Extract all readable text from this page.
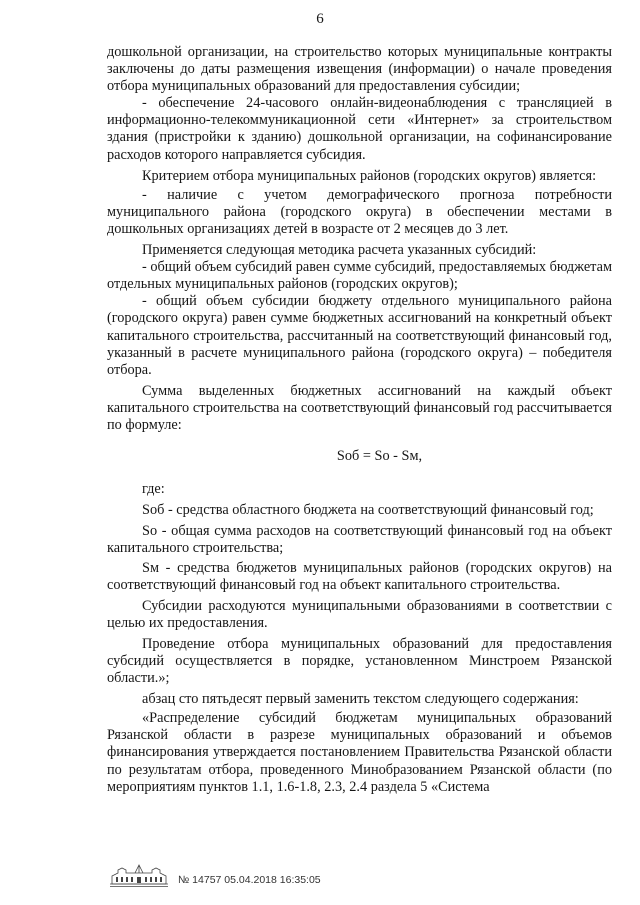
6

дошкольной организации, на строительство которых муниципальные контракты заключены до даты размещения извещения (информации) о начале проведения отбора муниципальных образований для предоставления субсидии;

- обеспечение 24-часового онлайн-видеонаблюдения с трансляцией в информационно-телекоммуникационной сети «Интернет» за строительством здания (пристройки к зданию) дошкольной организации, на софинансирование расходов которого направляется субсидия.

Критерием отбора муниципальных районов (городских округов) является:

- наличие с учетом демографического прогноза потребности муниципального района (городского округа) в обеспечении местами в дошкольных организациях детей в возрасте от 2 месяцев до 3 лет.

Применяется следующая методика расчета указанных субсидий:

- общий объем субсидий равен сумме субсидий, предоставляемых бюджетам отдельных муниципальных районов (городских округов);

- общий объем субсидии бюджету отдельного муниципального района (городского округа) равен сумме бюджетных ассигнований на конкретный объект капитального строительства, рассчитанный на соответствующий финансовый год, указанный в расчете муниципального района (городского округа) – победителя отбора.

Сумма выделенных бюджетных ассигнований на каждый объект капитального строительства на соответствующий финансовый год рассчитывается по формуле:

Sоб = Sо - Sм,

где:

Sоб - средства областного бюджета на соответствующий финансовый год;

Sо - общая сумма расходов на соответствующий финансовый год на объект капитального строительства;

Sм - средства бюджетов муниципальных районов (городских округов) на соответствующий финансовый год на объект капитального строительства.

Субсидии расходуются муниципальными образованиями в соответствии с целью их предоставления.

Проведение отбора муниципальных образований для предоставления субсидий осуществляется в порядке, установленном Минстроем Рязанской области.»;

абзац сто пятьдесят первый заменить текстом следующего содержания:

«Распределение субсидий бюджетам муниципальных образований Рязанской области в разрезе муниципальных образований и объемов финансирования утверждается постановлением Правительства Рязанской области по результатам отбора, проведенного Минобразованием Рязанской области (по мероприятиям пунктов 1.1, 1.6-1.8, 2.3, 2.4 раздела 5 «Система

№ 14757 05.04.2018 16:35:05
